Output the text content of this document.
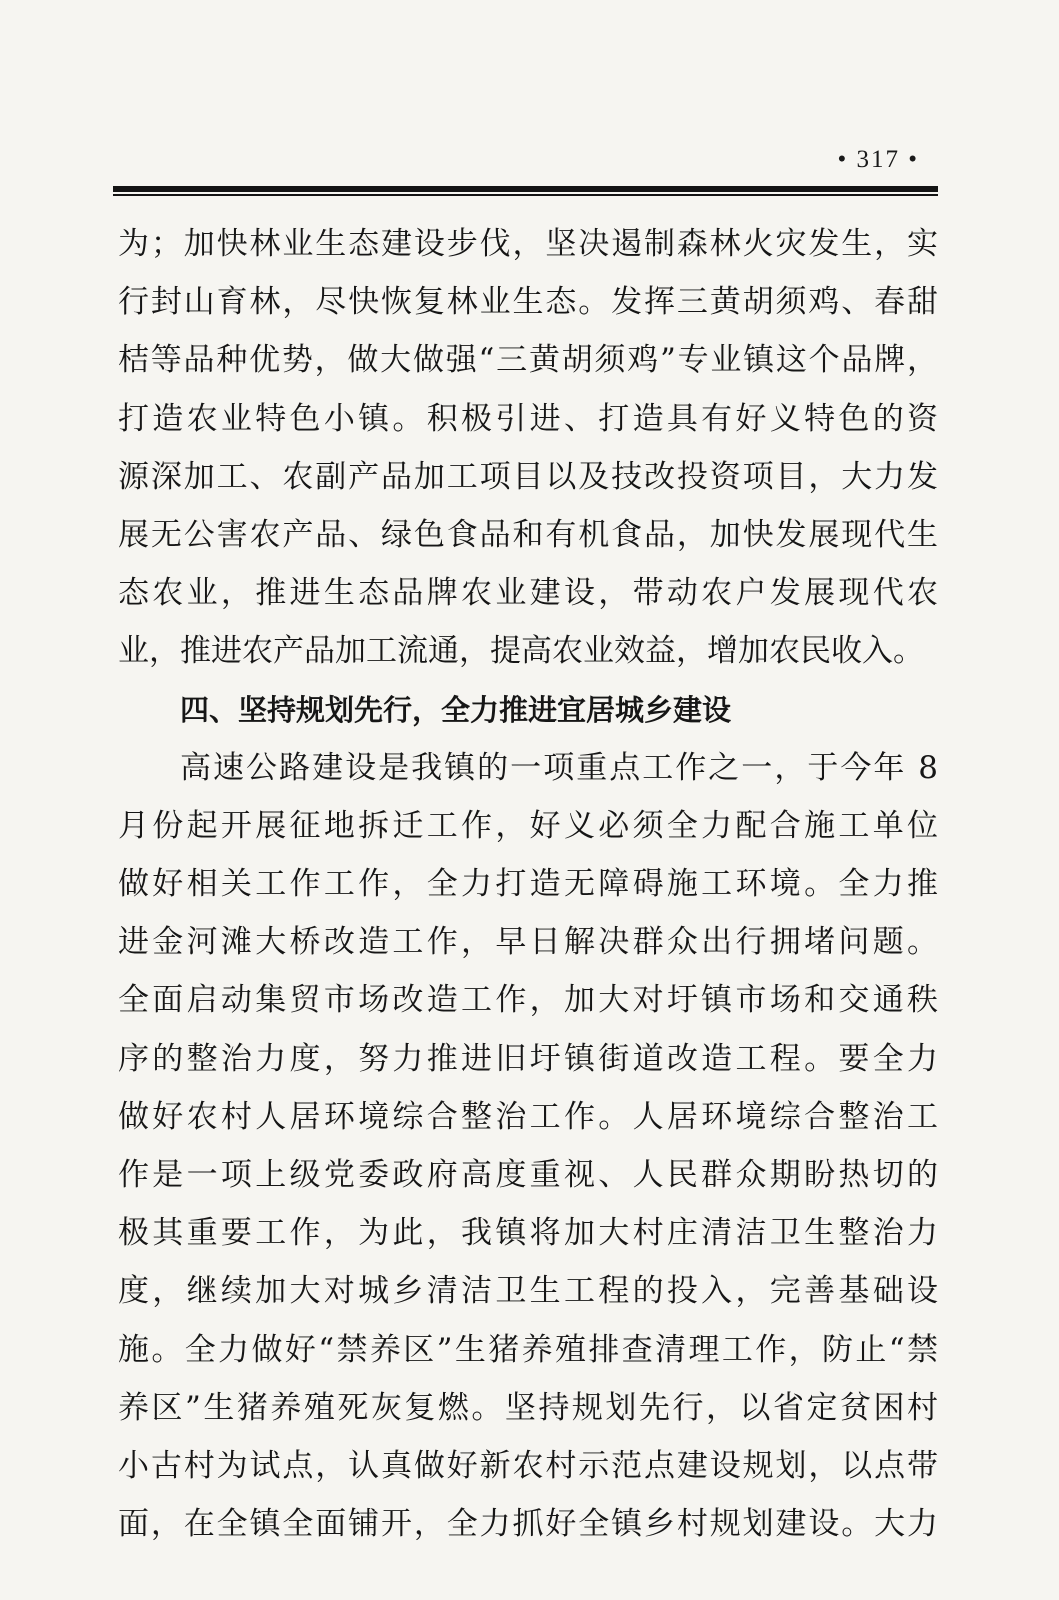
• 317 •
为；加快林业生态建设步伐，坚决遏制森林火灾发生，实
行封山育林，尽快恢复林业生态。发挥三黄胡须鸡、春甜
桔等品种优势，做大做强“三黄胡须鸡”专业镇这个品牌，
打造农业特色小镇。积极引进、打造具有好义特色的资
源深加工、农副产品加工项目以及技改投资项目，大力发
展无公害农产品、绿色食品和有机食品，加快发展现代生
态农业，推进生态品牌农业建设，带动农户发展现代农
业，推进农产品加工流通，提高农业效益，增加农民收入。
四、坚持规划先行，全力推进宜居城乡建设
高速公路建设是我镇的一项重点工作之一，于今年 8
月份起开展征地拆迁工作，好义必须全力配合施工单位
做好相关工作工作，全力打造无障碍施工环境。全力推
进金河滩大桥改造工作，早日解决群众出行拥堵问题。
全面启动集贸市场改造工作，加大对圩镇市场和交通秩
序的整治力度，努力推进旧圩镇街道改造工程。要全力
做好农村人居环境综合整治工作。人居环境综合整治工
作是一项上级党委政府高度重视、人民群众期盼热切的
极其重要工作，为此，我镇将加大村庄清洁卫生整治力
度，继续加大对城乡清洁卫生工程的投入，完善基础设
施。全力做好“禁养区”生猪养殖排查清理工作，防止“禁
养区”生猪养殖死灰复燃。坚持规划先行，以省定贫困村
小古村为试点，认真做好新农村示范点建设规划，以点带
面，在全镇全面铺开，全力抓好全镇乡村规划建设。大力
